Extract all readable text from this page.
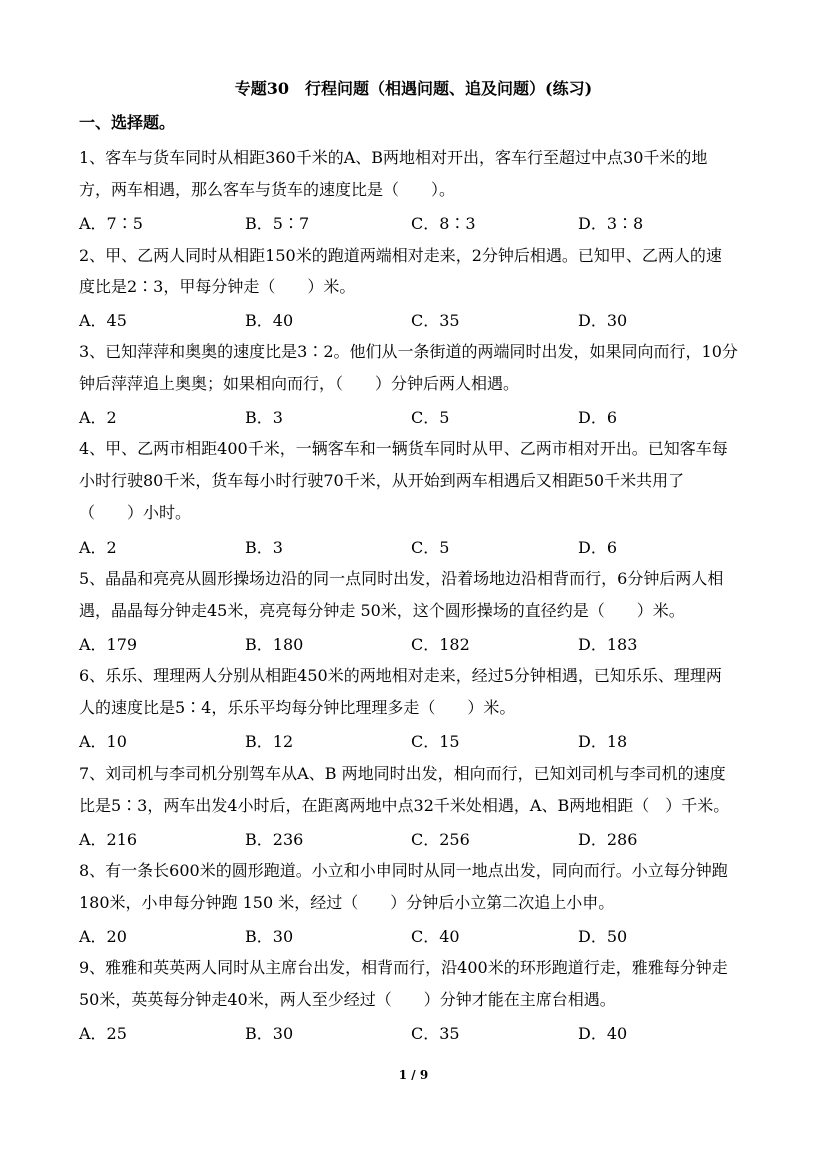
专题30　行程问题（相遇问题、追及问题）(练习)
一、选择题。
1、客车与货车同时从相距360千米的A、B两地相对开出，客车行至超过中点30千米的地
方，两车相遇，那么客车与货车的速度比是（　　）。
A．7∶5	B．5∶7	C．8∶3	D．3∶8
2、甲、乙两人同时从相距150米的跑道两端相对走来，2分钟后相遇。已知甲、乙两人的速
度比是2∶3，甲每分钟走（　　）米。
A．45	B．40	C．35	D．30
3、已知萍萍和奥奥的速度比是3∶2。他们从一条街道的两端同时出发，如果同向而行，10分
钟后萍萍追上奥奥；如果相向而行，（　　）分钟后两人相遇。
A．2	B．3	C．5	D．6
4、甲、乙两市相距400千米，一辆客车和一辆货车同时从甲、乙两市相对开出。已知客车每
小时行驶80千米，货车每小时行驶70千米，从开始到两车相遇后又相距50千米共用了
（　　）小时。
A．2	B．3	C．5	D．6
5、晶晶和亮亮从圆形操场边沿的同一点同时出发，沿着场地边沿相背而行，6分钟后两人相
遇，晶晶每分钟走45米，亮亮每分钟走 50米，这个圆形操场的直径约是（　　）米。
A．179	B．180	C．182	D．183
6、乐乐、理理两人分别从相距450米的两地相对走来，经过5分钟相遇，已知乐乐、理理两
人的速度比是5∶4，乐乐平均每分钟比理理多走（　　）米。
A．10	B．12	C．15	D．18
7、刘司机与李司机分别驾车从A、B 两地同时出发，相向而行，已知刘司机与李司机的速度
比是5∶3，两车出发4小时后，在距离两地中点32千米处相遇，A、B两地相距（　）千米。
A．216	B．236	C．256	D．286
8、有一条长600米的圆形跑道。小立和小申同时从同一地点出发，同向而行。小立每分钟跑
180米，小申每分钟跑 150 米，经过（　　）分钟后小立第二次追上小申。
A．20	B．30	C．40	D．50
9、雅雅和英英两人同时从主席台出发，相背而行，沿400米的环形跑道行走，雅雅每分钟走
50米，英英每分钟走40米，两人至少经过（　　）分钟才能在主席台相遇。
A．25	B．30	C．35	D．40
1 / 9
